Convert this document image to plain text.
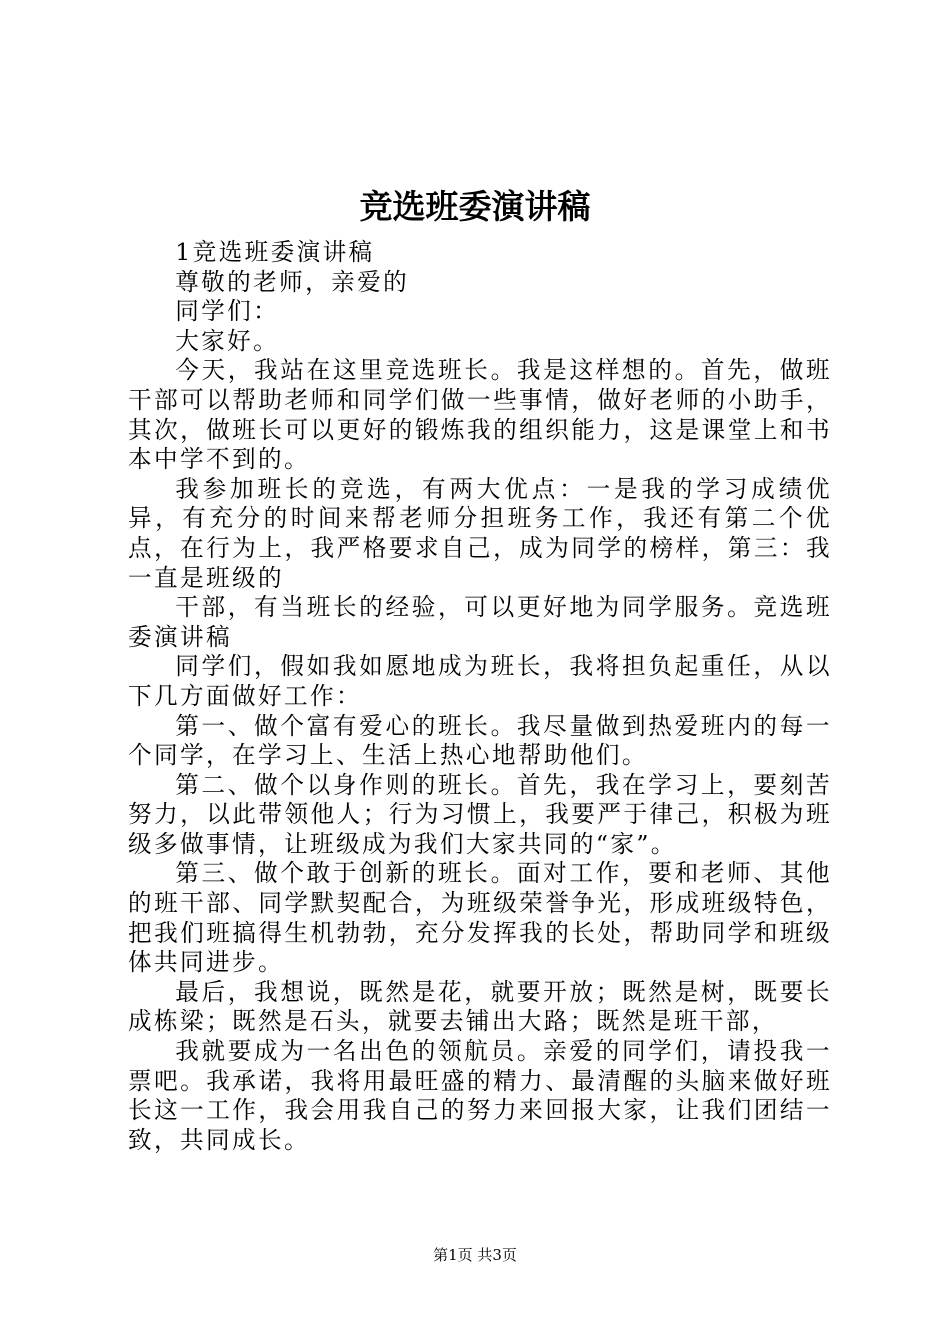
竞选班委演讲稿

1竞选班委演讲稿

尊敬的老师，亲爱的

同学们：

大家好。

今天，我站在这里竞选班长。我是这样想的。首先，做班干部可以帮助老师和同学们做一些事情，做好老师的小助手，其次，做班长可以更好的锻炼我的组织能力，这是课堂上和书本中学不到的。

我参加班长的竞选，有两大优点：一是我的学习成绩优异，有充分的时间来帮老师分担班务工作，我还有第二个优点，在行为上，我严格要求自己，成为同学的榜样，第三：我一直是班级的

干部，有当班长的经验，可以更好地为同学服务。竞选班委演讲稿

同学们，假如我如愿地成为班长，我将担负起重任，从以下几方面做好工作：

第一、做个富有爱心的班长。我尽量做到热爱班内的每一个同学，在学习上、生活上热心地帮助他们。

第二、做个以身作则的班长。首先，我在学习上，要刻苦努力，以此带领他人；行为习惯上，我要严于律己，积极为班级多做事情，让班级成为我们大家共同的“家”。

第三、做个敢于创新的班长。面对工作，要和老师、其他的班干部、同学默契配合，为班级荣誉争光，形成班级特色，把我们班搞得生机勃勃，充分发挥我的长处，帮助同学和班级体共同进步。

最后，我想说，既然是花，就要开放；既然是树，既要长成栋梁；既然是石头，就要去铺出大路；既然是班干部，

我就要成为一名出色的领航员。亲爱的同学们，请投我一票吧。我承诺，我将用最旺盛的精力、最清醒的头脑来做好班长这一工作，我会用我自己的努力来回报大家，让我们团结一致，共同成长。

第1页 共3页
